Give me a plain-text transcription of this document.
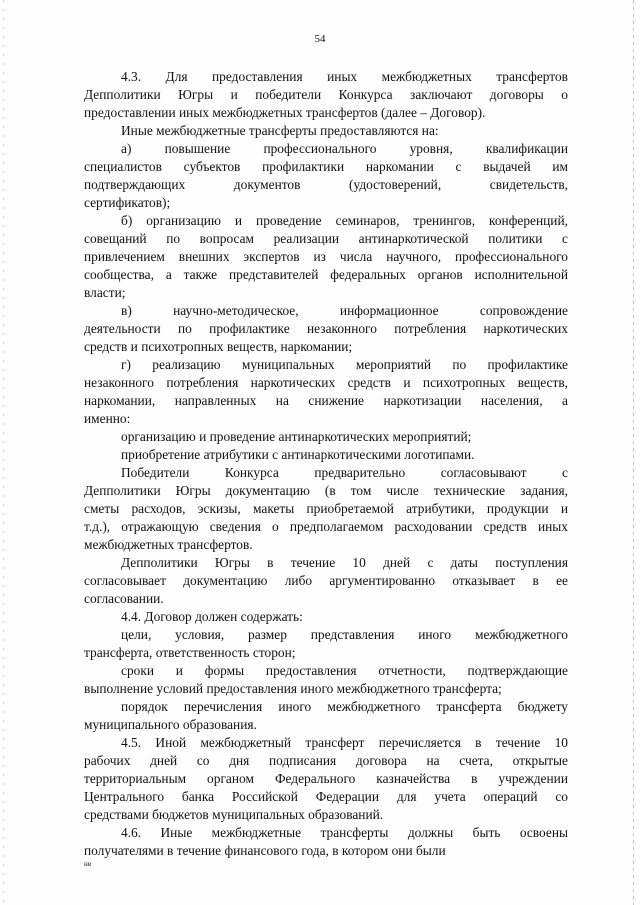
54

4.3. Для предоставления иных межбюджетных трансфертов
Депполитики Югры и победители Конкурса заключают договоры о
предоставлении иных межбюджетных трансфертов (далее – Договор).

Иные межбюджетные трансферты предоставляются на:

а) повышение профессионального уровня, квалификации
специалистов субъектов профилактики наркомании с выдачей им
подтверждающих документов (удостоверений, свидетельств,
сертификатов);

б) организацию и проведение семинаров, тренингов, конференций,
совещаний по вопросам реализации антинаркотической политики с
привлечением внешних экспертов из числа научного, профессионального
сообщества, а также представителей федеральных органов исполнительной
власти;

в) научно-методическое, информационное сопровождение
деятельности по профилактике незаконного потребления наркотических
средств и психотропных веществ, наркомании;

г) реализацию муниципальных мероприятий по профилактике
незаконного потребления наркотических средств и психотропных веществ,
наркомании, направленных на снижение наркотизации населения, а
именно:

организацию и проведение антинаркотических мероприятий;

приобретение атрибутики с антинаркотическими логотипами.

Победители Конкурса предварительно согласовывают с
Депполитики Югры документацию (в том числе технические задания,
сметы расходов, эскизы, макеты приобретаемой атрибутики, продукции и
т.д.), отражающую сведения о предполагаемом расходовании средств иных
межбюджетных трансфертов.

Депполитики Югры в течение 10 дней с даты поступления
согласовывает документацию либо аргументированно отказывает в ее
согласовании.

4.4. Договор должен содержать:

цели, условия, размер представления иного межбюджетного
трансферта, ответственность сторон;

сроки и формы предоставления отчетности, подтверждающие
выполнение условий предоставления иного межбюджетного трансферта;

порядок перечисления иного межбюджетного трансферта бюджету
муниципального образования.

4.5. Иной межбюджетный трансферт перечисляется в течение 10
рабочих дней со дня подписания договора на счета, открытые
территориальным органом Федерального казначейства в учреждении
Центрального банка Российской Федерации для учета операций со
средствами бюджетов муниципальных образований.

4.6. Иные межбюджетные трансферты должны быть освоены
получателями в течение финансового года, в котором они были

нв
